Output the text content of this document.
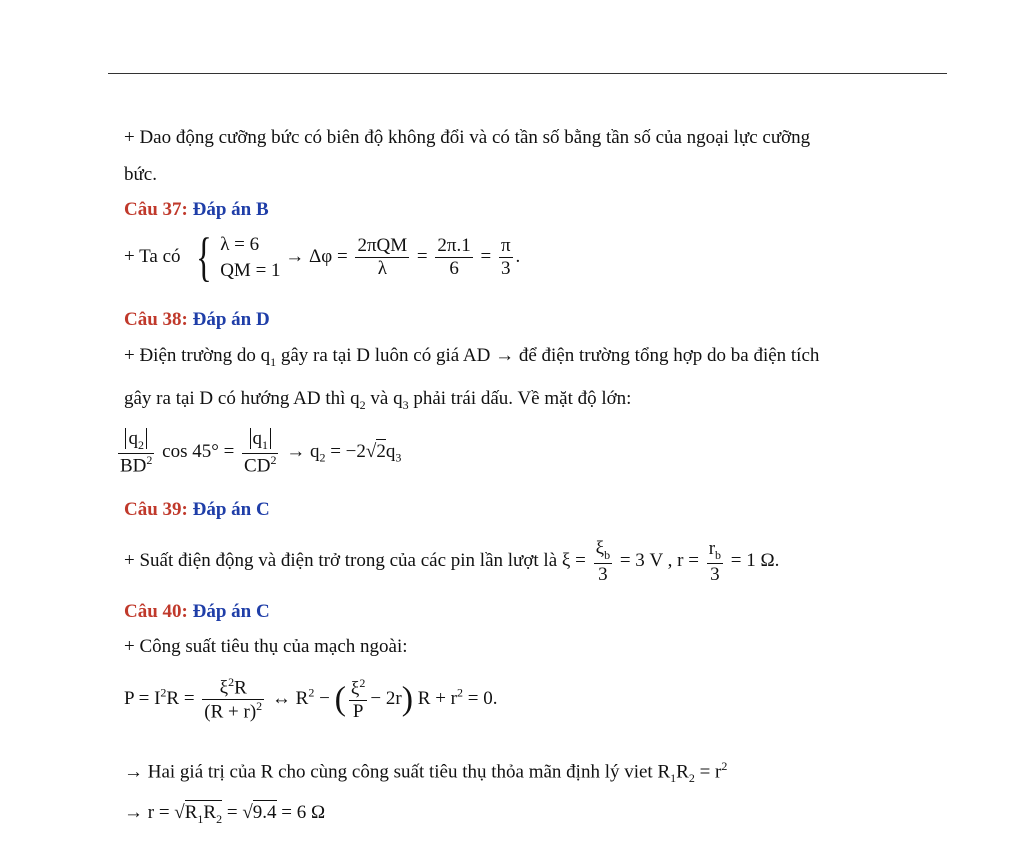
+ Dao động cưỡng bức có biên độ không đổi và có tần số bằng tần số của ngoại lực cưỡng
bức.
Câu 37: Đáp án B
+ Ta có { λ = 6
QM = 1
→ $\Delta\varphi = \frac{\text{2πQM}}{\lambda} = \frac{2\pi.1}{6} = \frac{\pi}{3}$ .
Câu 38: Đáp án D
+ Điện trường do $q_1$ gây ra tại D luôn có giá AD → để điện trường tổng hợp do ba điện tích
gây ra tại D có hướng AD thì $q_2$ và $q_3$ phải trái dấu. Về mặt độ lớn:
$\frac{q_2}{BD^2}$ $\cos 45^\circ = \frac{q_1}{CD^2} \to q_2 = -2√2q_3$
Câu 39: Đáp án C
+ Suất điện động và điện trở trong của các pin lần lượt là $\xi = \frac{\xi_b}{3} = 3$ V , $r = \frac{r_b}{3} = 1$ Ω.
Câu 40: Đáp án C
+ Công suất tiêu thụ của mạch ngoài:
$P = I^2R = \frac{\xi^2R}{(R + r)^2}$ ↔ $R^2$ − ( $\frac{\xi^2}{P} - 2r$) $R + r^2 = 0$.
→ Hai giá trị của R cho cùng công suất tiêu thụ thỏa mãn định lý viet $R_1R_2 = r^2$
→ $r = √R_1R_2 = √9.4 = 6$ Ω
